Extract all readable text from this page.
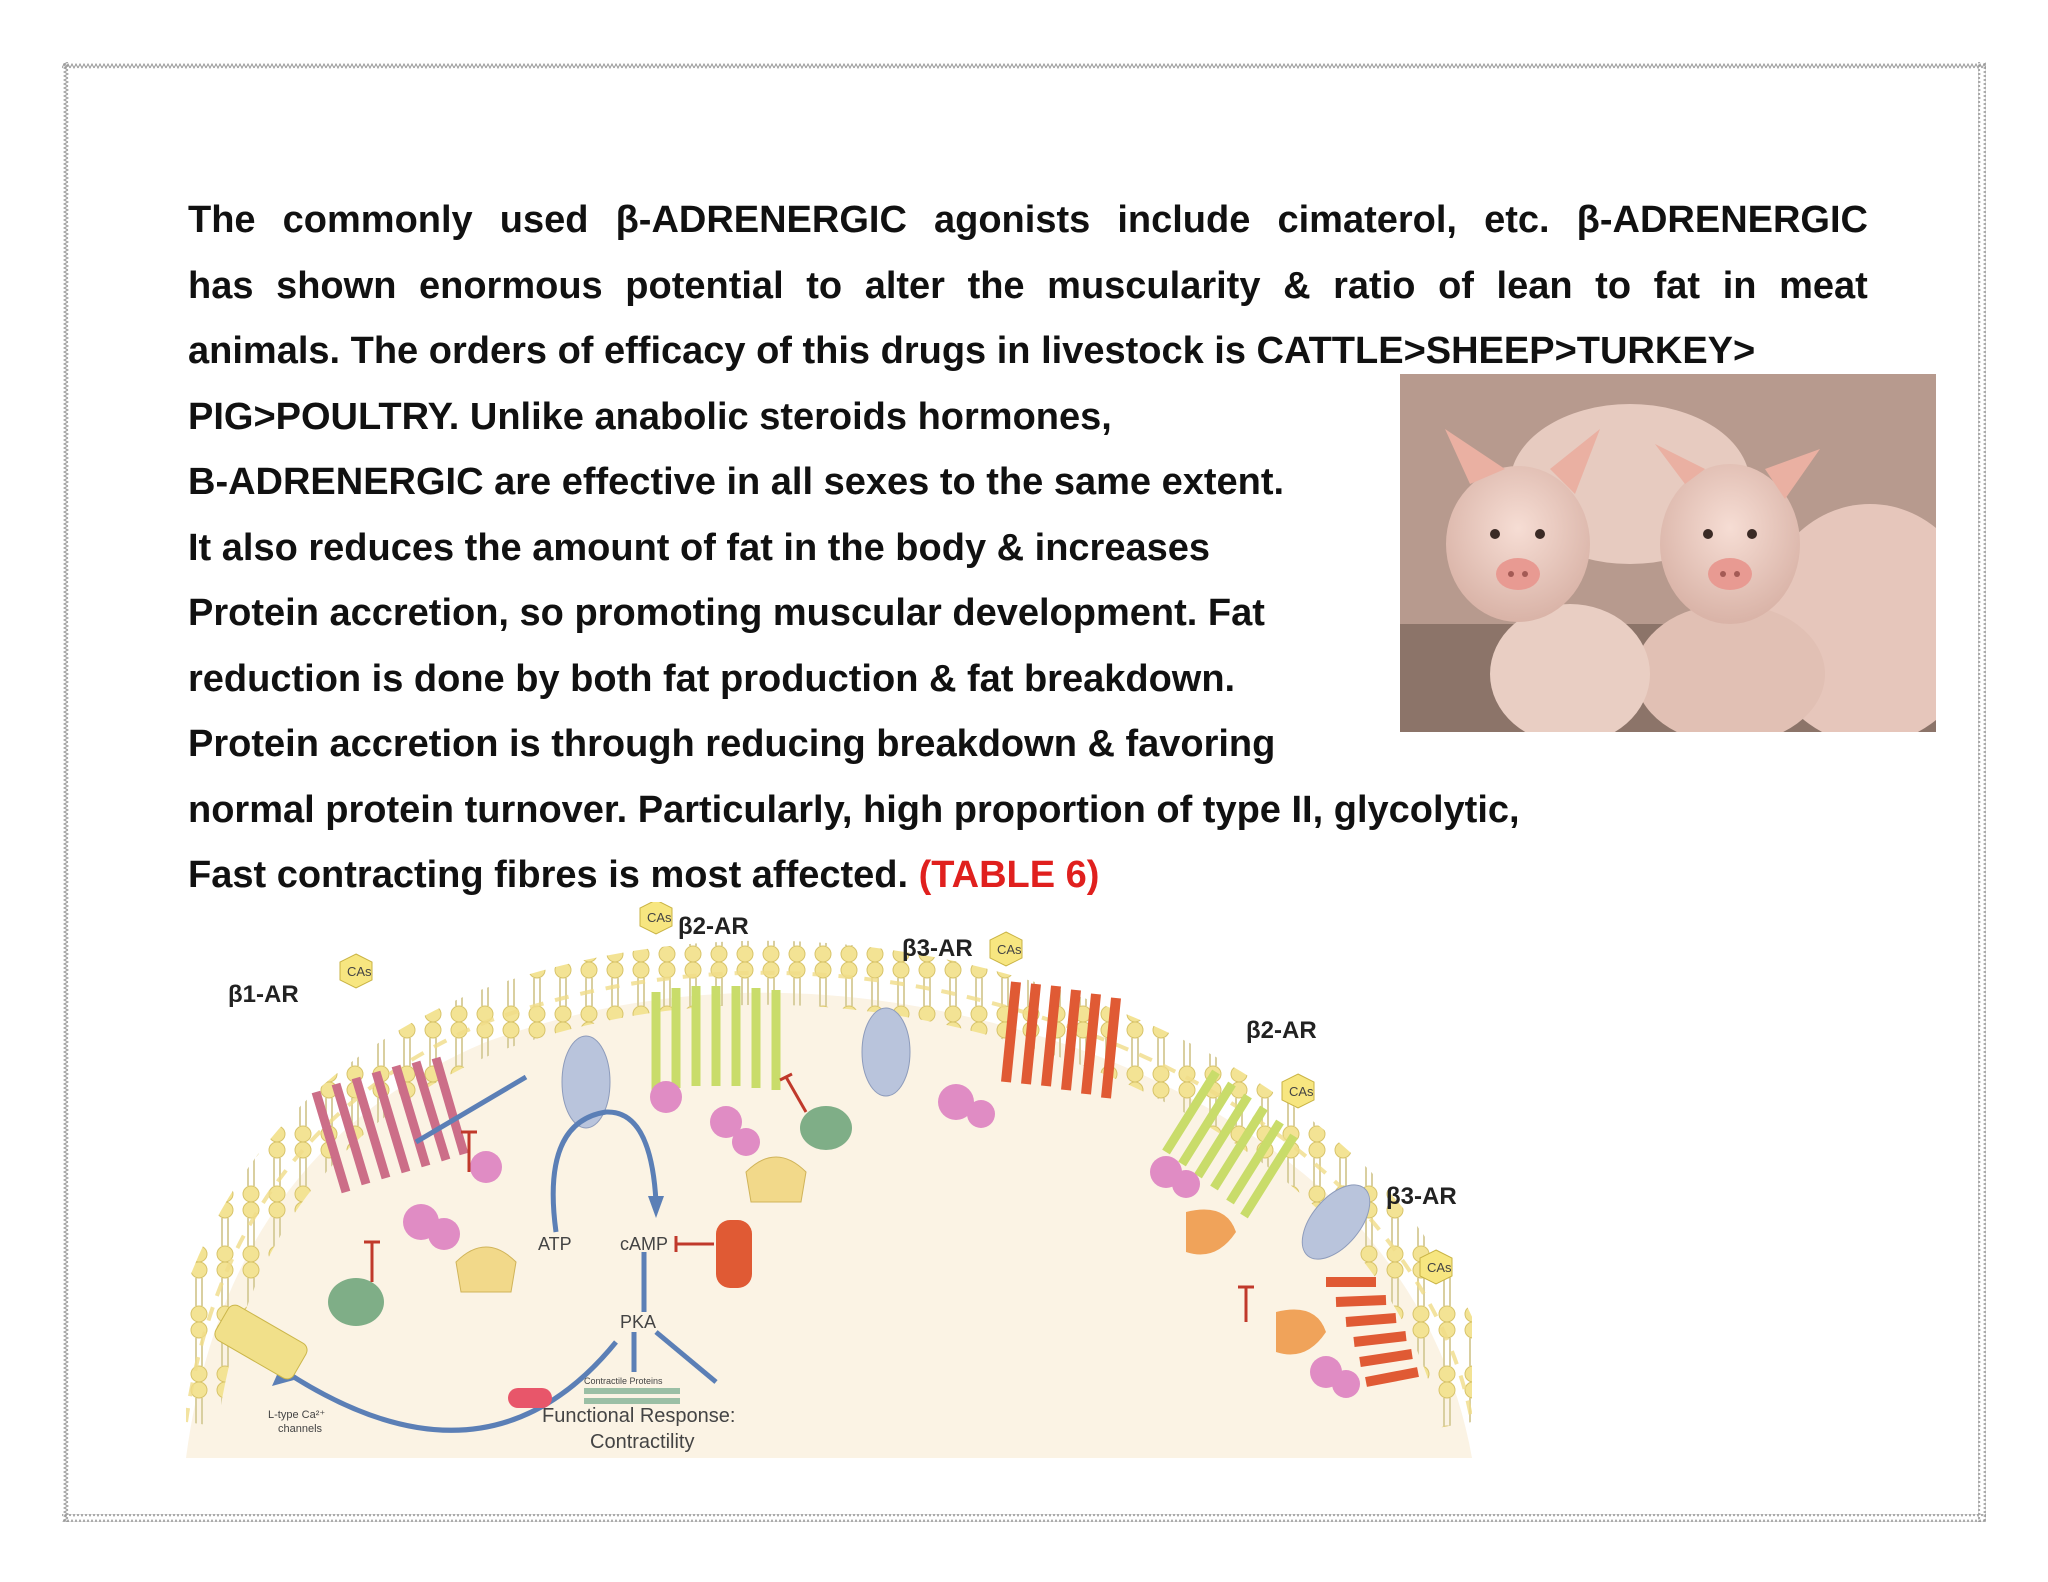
The commonly used β-ADRENERGIC agonists include cimaterol, etc. β-ADRENERGIC
has shown enormous potential to alter the muscularity & ratio of lean to fat in meat
animals. The orders of efficacy of this drugs in livestock is CATTLE>SHEEP>TURKEY>
PIG>POULTRY. Unlike anabolic steroids hormones,
B-ADRENERGIC are effective in all sexes to the same extent.
It also reduces the amount of fat in the body & increases
Protein accretion, so promoting muscular development. Fat
reduction is done by both fat production & fat breakdown.
Protein accretion is through reducing breakdown & favoring
normal protein turnover. Particularly, high proportion of type II, glycolytic,
Fast contracting fibres is most affected. (TABLE 6)
CAs
CAs
CAs
CAs
CAs
β1-AR
β2-AR
β3-AR
β2-AR
β3-AR
ATP	cAMP
PKA
Contractile Proteins
L-type Ca²⁺
channels
Functional Response:
Contractility
